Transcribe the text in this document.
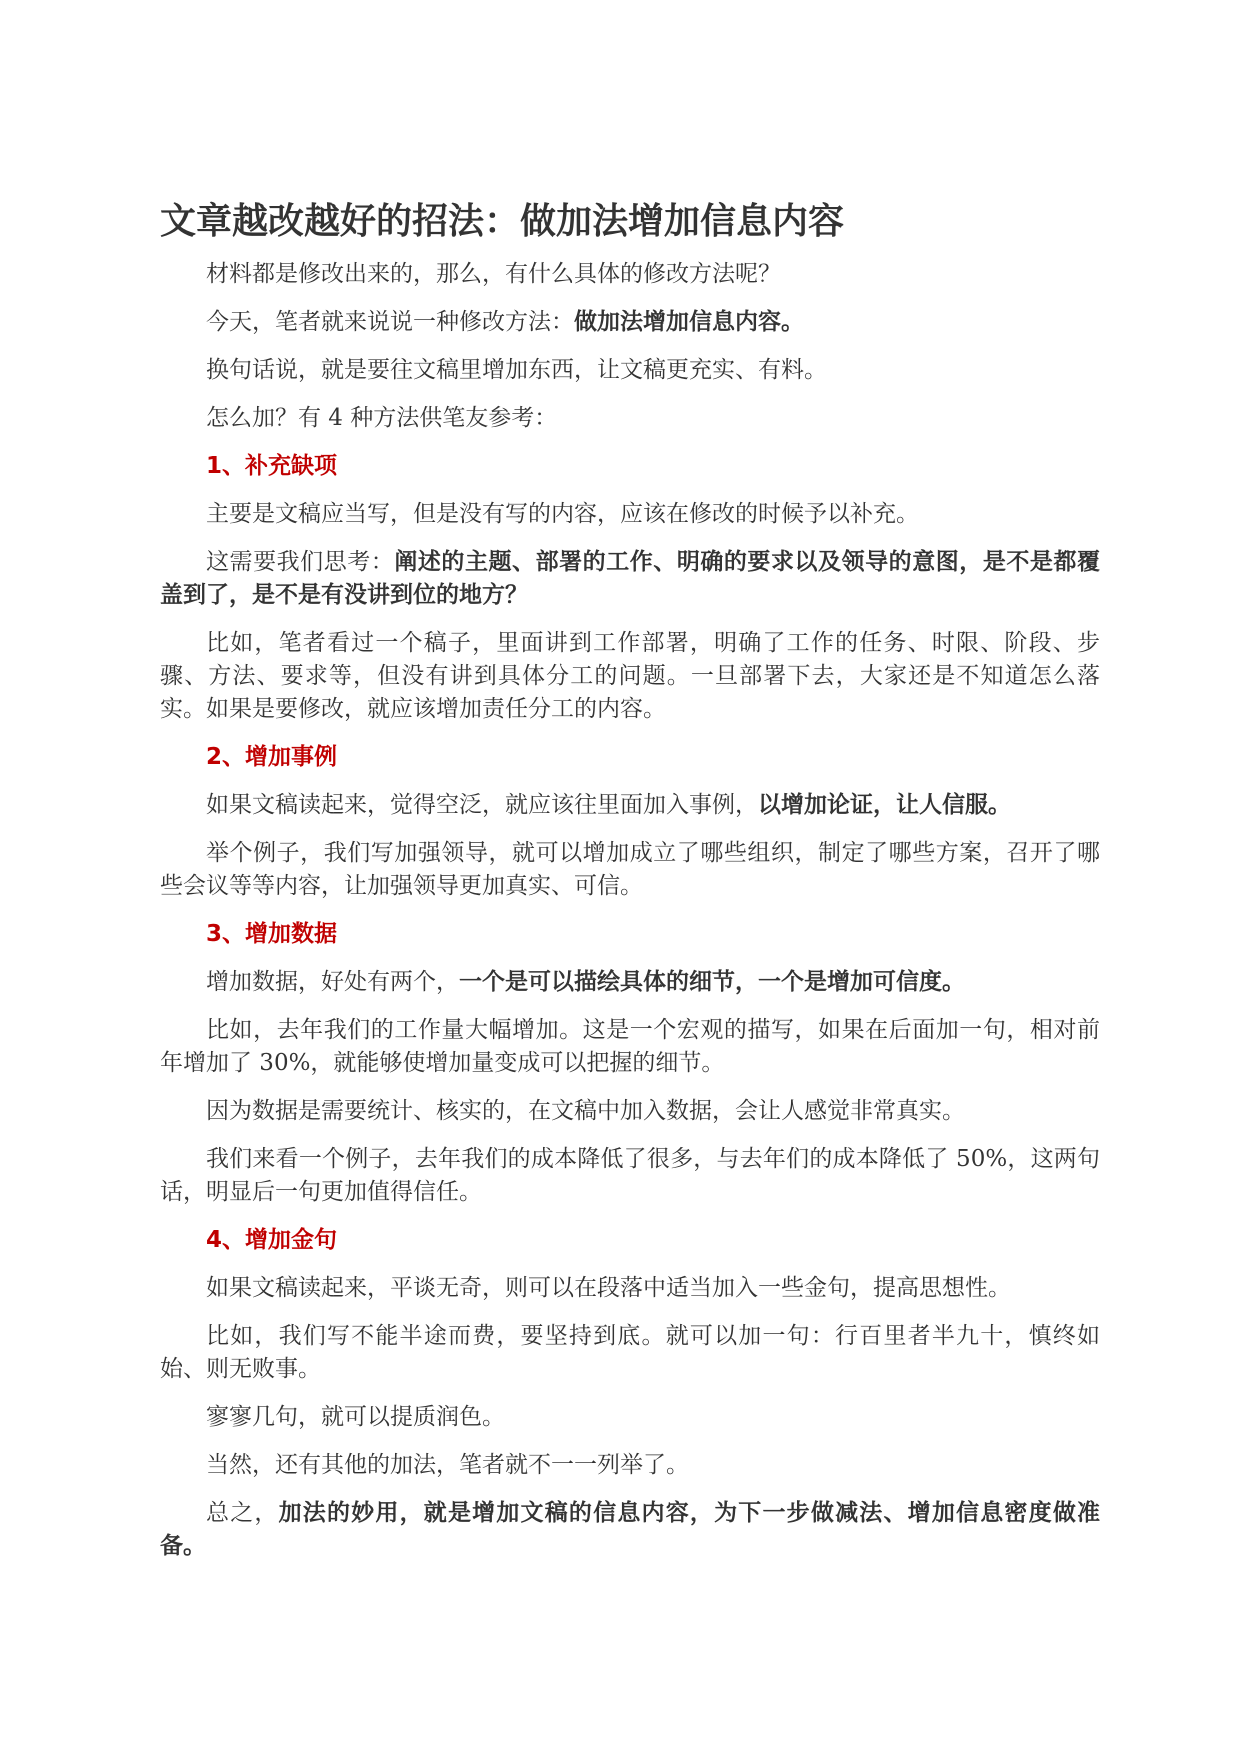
文章越改越好的招法：做加法增加信息内容

材料都是修改出来的，那么，有什么具体的修改方法呢？

今天，笔者就来说说一种修改方法：做加法增加信息内容。

换句话说，就是要往文稿里增加东西，让文稿更充实、有料。

怎么加？有 4 种方法供笔友参考：

1、补充缺项

主要是文稿应当写，但是没有写的内容，应该在修改的时候予以补充。

这需要我们思考：阐述的主题、部署的工作、明确的要求以及领导的意图，是不是都覆盖到了，是不是有没讲到位的地方？

比如，笔者看过一个稿子，里面讲到工作部署，明确了工作的任务、时限、阶段、步骤、方法、要求等，但没有讲到具体分工的问题。一旦部署下去，大家还是不知道怎么落实。如果是要修改，就应该增加责任分工的内容。

2、增加事例

如果文稿读起来，觉得空泛，就应该往里面加入事例，以增加论证，让人信服。

举个例子，我们写加强领导，就可以增加成立了哪些组织，制定了哪些方案，召开了哪些会议等等内容，让加强领导更加真实、可信。

3、增加数据

增加数据，好处有两个，一个是可以描绘具体的细节，一个是增加可信度。

比如，去年我们的工作量大幅增加。这是一个宏观的描写，如果在后面加一句，相对前年增加了 30%，就能够使增加量变成可以把握的细节。

因为数据是需要统计、核实的，在文稿中加入数据，会让人感觉非常真实。

我们来看一个例子，去年我们的成本降低了很多，与去年们的成本降低了 50%，这两句话，明显后一句更加值得信任。

4、增加金句

如果文稿读起来，平谈无奇，则可以在段落中适当加入一些金句，提高思想性。

比如，我们写不能半途而费，要坚持到底。就可以加一句：行百里者半九十，慎终如始、则无败事。

寥寥几句，就可以提质润色。

当然，还有其他的加法，笔者就不一一列举了。

总之，加法的妙用，就是增加文稿的信息内容，为下一步做减法、增加信息密度做准备。
